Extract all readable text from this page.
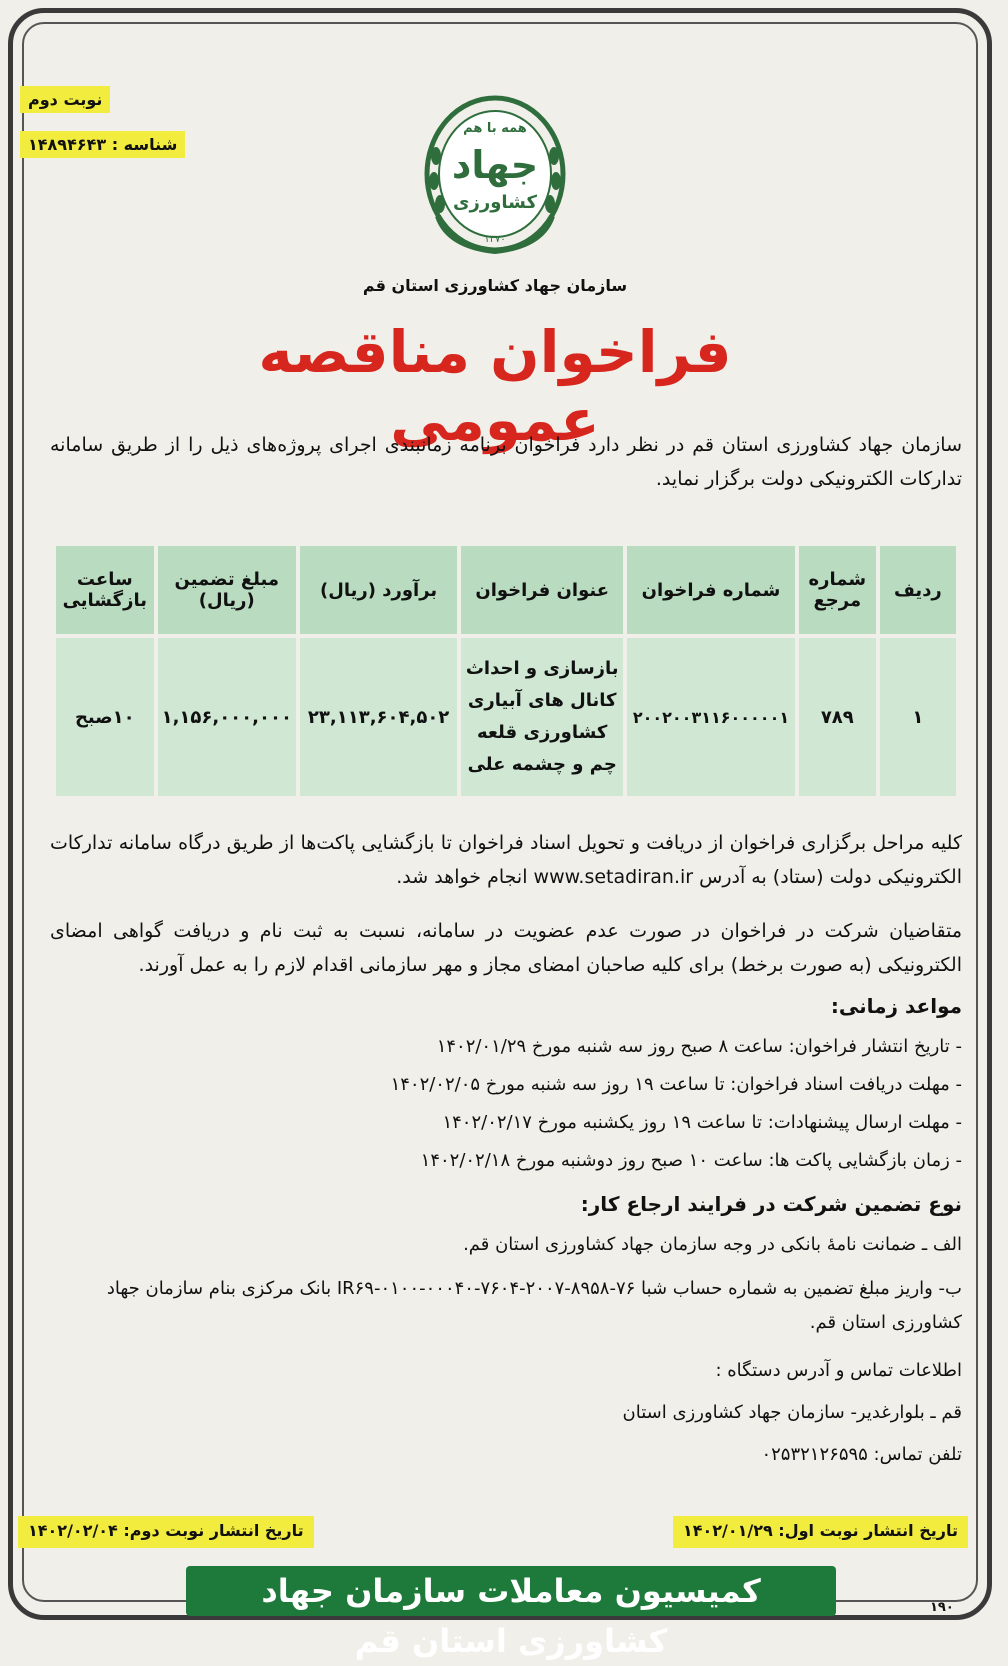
نوبت دوم
شناسه : ۱۴۸۹۴۶۴۳
همه با هم
جهاد
کشاورزی
۱۳۷۰
سازمان جهاد کشاورزی استان قم
فراخوان مناقصه عمومی
سازمان جهاد کشاورزی استان قم در نظر دارد فراخوان برنامه زمانبندی اجرای پروژه‌های ذیل را از طریق سامانه تدارکات الکترونیکی دولت برگزار نماید.
ردیف	شماره مرجع	شماره فراخوان	عنوان فراخوان	برآورد (ریال)	مبلغ تضمین (ریال)	ساعت بازگشایی
۱	۷۸۹	۲۰۰۲۰۰۳۱۱۶۰۰۰۰۰۱	بازسازی و احداث کانال های آبیاری کشاورزی قلعه چم و چشمه علی	۲۳,۱۱۳,۶۰۴,۵۰۲	۱,۱۵۶,۰۰۰,۰۰۰	۱۰صبح
کلیه مراحل برگزاری فراخوان از دریافت و تحویل اسناد فراخوان تا بازگشایی پاکت‌ها از طریق درگاه سامانه تدارکات الکترونیکی دولت (ستاد) به آدرس www.setadiran.ir انجام خواهد شد.
متقاضیان شرکت در فراخوان در صورت عدم عضویت در سامانه، نسبت به ثبت نام و دریافت گواهی امضای الکترونیکی (به صورت برخط) برای کلیه صاحبان امضای مجاز و مهر سازمانی اقدام لازم را به عمل آورند.
مواعد زمانی:
- تاریخ انتشار فراخوان: ساعت ۸ صبح روز سه شنبه مورخ ۱۴۰۲/۰۱/۲۹
- مهلت دریافت اسناد فراخوان: تا ساعت ۱۹ روز سه شنبه مورخ ۱۴۰۲/۰۲/۰۵
- مهلت ارسال پیشنهادات: تا ساعت ۱۹ روز یکشنبه مورخ ۱۴۰۲/۰۲/۱۷
- زمان بازگشایی پاکت ها: ساعت ۱۰ صبح روز دوشنبه مورخ ۱۴۰۲/۰۲/۱۸
نوع تضمین شرکت در فرایند ارجاع کار:
الف ـ ضمانت نامهٔ بانکی در وجه سازمان جهاد کشاورزی استان قم.
ب- واریز مبلغ تضمین به شماره حساب شبا IR۶۹-۰۱۰۰-۰۰۰۴۰-۷۶۰۴-۲۰۰۷-۸۹۵۸-۷۶ بانک مرکزی بنام سازمان جهاد کشاورزی استان قم.
اطلاعات تماس و آدرس دستگاه :
قم ـ بلوارغدیر- سازمان جهاد کشاورزی استان
تلفن تماس: ۰۲۵۳۲۱۲۶۵۹۵
تاریخ انتشار نوبت اول: ۱۴۰۲/۰۱/۲۹
تاریخ انتشار نوبت دوم: ۱۴۰۲/۰۲/۰۴
کمیسیون معاملات سازمان جهاد کشاورزی استان قم
۱۹۰
